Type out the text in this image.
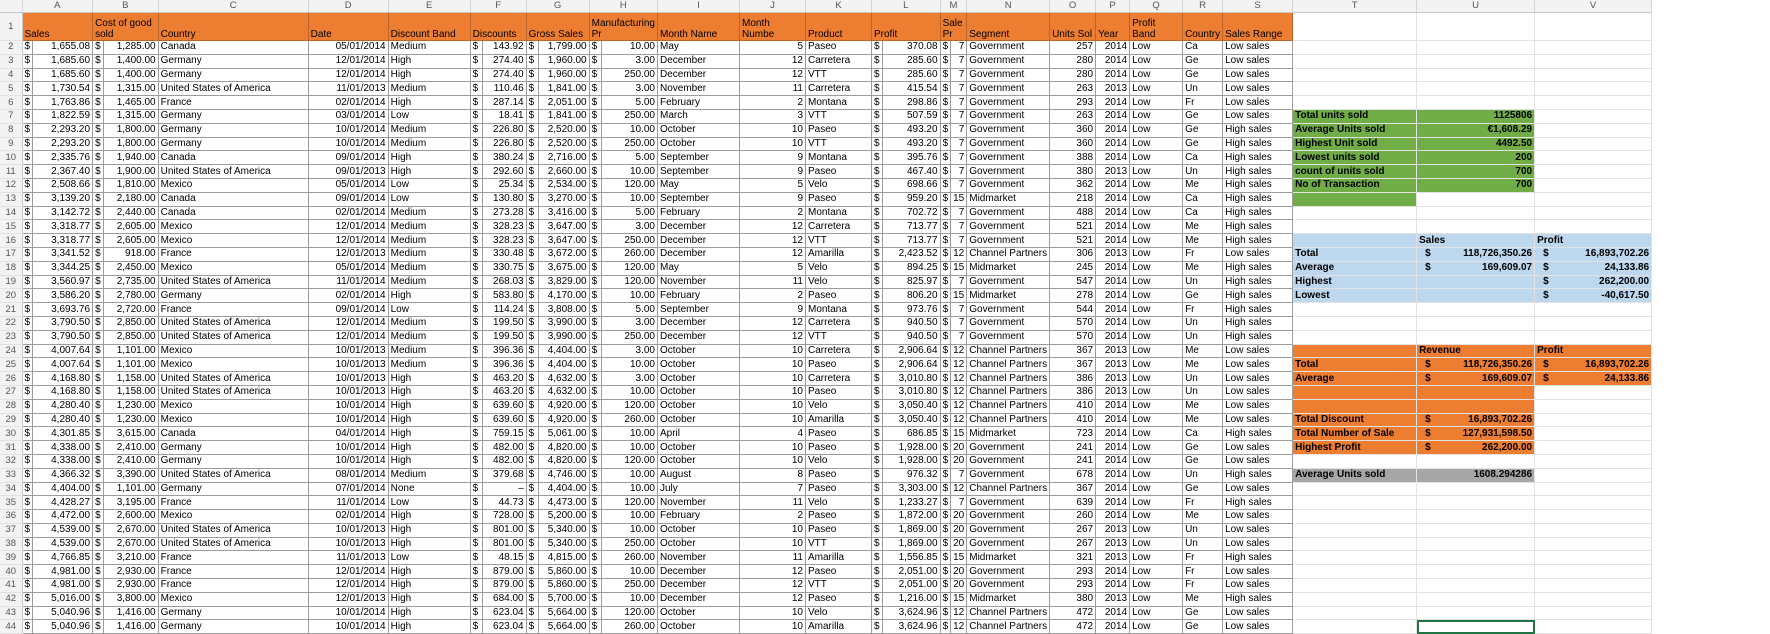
	A		B		C	D	E	F		G		H		I	J	K	L		M		N	O	P	Q	R	S	T	U	V
1	Sales		Cost of good sold		Country	Date	Discount Band	Discounts		Gross Sales		Manufacturing Pr		Month Name	Month Numbe	Product	Profit		Sale Pr		Segment	Units Sol	Year	Profit Band	Country	Sales Range			
2	$	1,655.08	$	1,285.00	Canada	05/01/2014	Medium	$	143.92	$	1,799.00	$	10.00	May	5	Paseo	$	370.08	$	7	Government	257	2014	Low	Ca	Low sales			
3	$	1,685.60	$	1,400.00	Germany	12/01/2014	High	$	274.40	$	1,960.00	$	3.00	December	12	Carretera	$	285.60	$	7	Government	280	2014	Low	Ge	Low sales			
4	$	1,685.60	$	1,400.00	Germany	12/01/2014	High	$	274.40	$	1,960.00	$	250.00	December	12	VTT	$	285.60	$	7	Government	280	2014	Low	Ge	Low sales			
5	$	1,730.54	$	1,315.00	United States of America	11/01/2013	Medium	$	110.46	$	1,841.00	$	3.00	November	11	Carretera	$	415.54	$	7	Government	263	2013	Low	Un	Low sales			
6	$	1,763.86	$	1,465.00	France	02/01/2014	High	$	287.14	$	2,051.00	$	5.00	February	2	Montana	$	298.86	$	7	Government	293	2014	Low	Fr	Low sales			
7	$	1,822.59	$	1,315.00	Germany	03/01/2014	Low	$	18.41	$	1,841.00	$	250.00	March	3	VTT	$	507.59	$	7	Government	263	2014	Low	Ge	Low sales	Total units sold	1125806	
8	$	2,293.20	$	1,800.00	Germany	10/01/2014	Medium	$	226.80	$	2,520.00	$	10.00	October	10	Paseo	$	493.20	$	7	Government	360	2014	Low	Ge	High sales	Average Units sold	€1,608.29	
9	$	2,293.20	$	1,800.00	Germany	10/01/2014	Medium	$	226.80	$	2,520.00	$	250.00	October	10	VTT	$	493.20	$	7	Government	360	2014	Low	Ge	High sales	Highest Unit sold	4492.50	
10	$	2,335.76	$	1,940.00	Canada	09/01/2014	High	$	380.24	$	2,716.00	$	5.00	September	9	Montana	$	395.76	$	7	Government	388	2014	Low	Ca	High sales	Lowest units sold	200	
11	$	2,367.40	$	1,900.00	United States of America	09/01/2013	High	$	292.60	$	2,660.00	$	10.00	September	9	Paseo	$	467.40	$	7	Government	380	2013	Low	Un	High sales	count of units sold	700	
12	$	2,508.66	$	1,810.00	Mexico	05/01/2014	Low	$	25.34	$	2,534.00	$	120.00	May	5	Velo	$	698.66	$	7	Government	362	2014	Low	Me	High sales	No of Transaction	700	
13	$	3,139.20	$	2,180.00	Canada	09/01/2014	Low	$	130.80	$	3,270.00	$	10.00	September	9	Paseo	$	959.20	$	15	Midmarket	218	2014	Low	Ca	High sales			
14	$	3,142.72	$	2,440.00	Canada	02/01/2014	Medium	$	273.28	$	3,416.00	$	5.00	February	2	Montana	$	702.72	$	7	Government	488	2014	Low	Ca	High sales			
15	$	3,318.77	$	2,605.00	Mexico	12/01/2014	Medium	$	328.23	$	3,647.00	$	3.00	December	12	Carretera	$	713.77	$	7	Government	521	2014	Low	Me	High sales			
16	$	3,318.77	$	2,605.00	Mexico	12/01/2014	Medium	$	328.23	$	3,647.00	$	250.00	December	12	VTT	$	713.77	$	7	Government	521	2014	Low	Me	High sales		Sales	Profit
17	$	3,341.52	$	918.00	France	12/01/2013	Medium	$	330.48	$	3,672.00	$	260.00	December	12	Amarilla	$	2,423.52	$	12	Channel Partners	306	2013	Low	Fr	Low sales	Total	$ 118,726,350.26	$ 16,893,702.26
18	$	3,344.25	$	2,450.00	Mexico	05/01/2014	Medium	$	330.75	$	3,675.00	$	120.00	May	5	Velo	$	894.25	$	15	Midmarket	245	2014	Low	Me	High sales	Average	$ 169,609.07	$ 24,133.86
19	$	3,560.97	$	2,735.00	United States of America	11/01/2014	Medium	$	268.03	$	3,829.00	$	120.00	November	11	Velo	$	825.97	$	7	Government	547	2014	Low	Un	High sales	Highest		$ 262,200.00
20	$	3,586.20	$	2,780.00	Germany	02/01/2014	High	$	583.80	$	4,170.00	$	10.00	February	2	Paseo	$	806.20	$	15	Midmarket	278	2014	Low	Ge	High sales	Lowest		$ -40,617.50
21	$	3,693.76	$	2,720.00	France	09/01/2014	Low	$	114.24	$	3,808.00	$	5.00	September	9	Montana	$	973.76	$	7	Government	544	2014	Low	Fr	High sales			
22	$	3,790.50	$	2,850.00	United States of America	12/01/2014	Medium	$	199.50	$	3,990.00	$	3.00	December	12	Carretera	$	940.50	$	7	Government	570	2014	Low	Un	High sales			
23	$	3,790.50	$	2,850.00	United States of America	12/01/2014	Medium	$	199.50	$	3,990.00	$	250.00	December	12	VTT	$	940.50	$	7	Government	570	2014	Low	Un	High sales			
24	$	4,007.64	$	1,101.00	Mexico	10/01/2013	Medium	$	396.36	$	4,404.00	$	3.00	October	10	Carretera	$	2,906.64	$	12	Channel Partners	367	2013	Low	Me	Low sales		Revenue	Profit
25	$	4,007.64	$	1,101.00	Mexico	10/01/2013	Medium	$	396.36	$	4,404.00	$	10.00	October	10	Paseo	$	2,906.64	$	12	Channel Partners	367	2013	Low	Me	Low sales	Total	$ 118,726,350.26	$ 16,893,702.26
26	$	4,168.80	$	1,158.00	United States of America	10/01/2013	High	$	463.20	$	4,632.00	$	3.00	October	10	Carretera	$	3,010.80	$	12	Channel Partners	386	2013	Low	Un	Low sales	Average	$ 169,609.07	$ 24,133.86
27	$	4,168.80	$	1,158.00	United States of America	10/01/2013	High	$	463.20	$	4,632.00	$	10.00	October	10	Paseo	$	3,010.80	$	12	Channel Partners	386	2013	Low	Un	Low sales			
28	$	4,280.40	$	1,230.00	Mexico	10/01/2014	High	$	639.60	$	4,920.00	$	120.00	October	10	Velo	$	3,050.40	$	12	Channel Partners	410	2014	Low	Me	Low sales			
29	$	4,280.40	$	1,230.00	Mexico	10/01/2014	High	$	639.60	$	4,920.00	$	260.00	October	10	Amarilla	$	3,050.40	$	12	Channel Partners	410	2014	Low	Me	Low sales	Total Discount	$ 16,893,702.26	
30	$	4,301.85	$	3,615.00	Canada	04/01/2014	High	$	759.15	$	5,061.00	$	10.00	April	4	Paseo	$	686.85	$	15	Midmarket	723	2014	Low	Ca	High sales	Total Number of Sale	$ 127,931,598.50	
31	$	4,338.00	$	2,410.00	Germany	10/01/2014	High	$	482.00	$	4,820.00	$	10.00	October	10	Paseo	$	1,928.00	$	20	Government	241	2014	Low	Ge	Low sales	Highest Profit	$ 262,200.00	
32	$	4,338.00	$	2,410.00	Germany	10/01/2014	High	$	482.00	$	4,820.00	$	120.00	October	10	Velo	$	1,928.00	$	20	Government	241	2014	Low	Ge	Low sales			
33	$	4,366.32	$	3,390.00	United States of America	08/01/2014	Medium	$	379.68	$	4,746.00	$	10.00	August	8	Paseo	$	976.32	$	7	Government	678	2014	Low	Un	High sales	Average Units sold	1608.294286	
34	$	4,404.00	$	1,101.00	Germany	07/01/2014	None	$	–	$	4,404.00	$	10.00	July	7	Paseo	$	3,303.00	$	12	Channel Partners	367	2014	Low	Ge	Low sales			
35	$	4,428.27	$	3,195.00	France	11/01/2014	Low	$	44.73	$	4,473.00	$	120.00	November	11	Velo	$	1,233.27	$	7	Government	639	2014	Low	Fr	High sales			
36	$	4,472.00	$	2,600.00	Mexico	02/01/2014	High	$	728.00	$	5,200.00	$	10.00	February	2	Paseo	$	1,872.00	$	20	Government	260	2014	Low	Me	Low sales			
37	$	4,539.00	$	2,670.00	United States of America	10/01/2013	High	$	801.00	$	5,340.00	$	10.00	October	10	Paseo	$	1,869.00	$	20	Government	267	2013	Low	Un	Low sales			
38	$	4,539.00	$	2,670.00	United States of America	10/01/2013	High	$	801.00	$	5,340.00	$	250.00	October	10	VTT	$	1,869.00	$	20	Government	267	2013	Low	Un	Low sales			
39	$	4,766.85	$	3,210.00	France	11/01/2013	Low	$	48.15	$	4,815.00	$	260.00	November	11	Amarilla	$	1,556.85	$	15	Midmarket	321	2013	Low	Fr	High sales			
40	$	4,981.00	$	2,930.00	France	12/01/2014	High	$	879.00	$	5,860.00	$	10.00	December	12	Paseo	$	2,051.00	$	20	Government	293	2014	Low	Fr	Low sales			
41	$	4,981.00	$	2,930.00	France	12/01/2014	High	$	879.00	$	5,860.00	$	250.00	December	12	VTT	$	2,051.00	$	20	Government	293	2014	Low	Fr	Low sales			
42	$	5,016.00	$	3,800.00	Mexico	12/01/2013	High	$	684.00	$	5,700.00	$	10.00	December	12	Paseo	$	1,216.00	$	15	Midmarket	380	2013	Low	Me	High sales			
43	$	5,040.96	$	1,416.00	Germany	10/01/2014	High	$	623.04	$	5,664.00	$	120.00	October	10	Velo	$	3,624.96	$	12	Channel Partners	472	2014	Low	Ge	Low sales			
44	$	5,040.96	$	1,416.00	Germany	10/01/2014	High	$	623.04	$	5,664.00	$	260.00	October	10	Amarilla	$	3,624.96	$	12	Channel Partners	472	2014	Low	Ge	Low sales			
